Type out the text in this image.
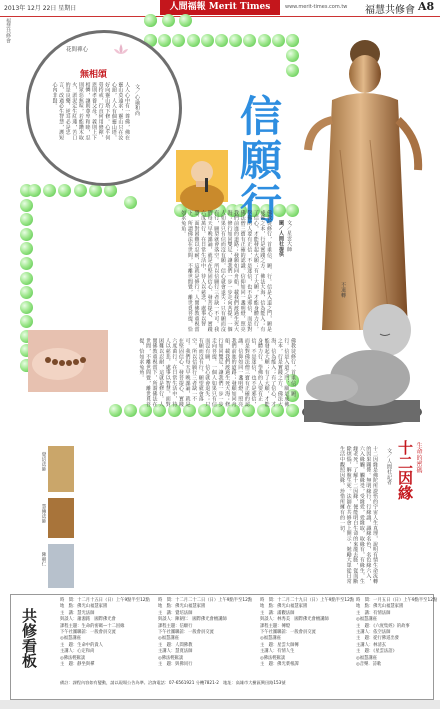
2013年 12月 22日 星期日	人間福報 Merit Times	www.merit-times.com.tw 福慧共修會 A8
福慧共修會
花間禪心
無相頌
文／心瑜和尚
人人心中有一尊佛，佛在靈山莫遠求，靈山只在汝心頭，人人有個靈山塔，好向靈山塔下修。心平何勞持戒，行直何用修禪，恩則孝養父母，義則上下相憐，讓則尊卑和睦，忍則眾惡無喧，若能鑽木取火，淤泥定生紅蓮，苦口的是良藥，逆耳必是忠言，改過必生智慧，護短心內非賢。	信願行
不退轉
文／星雲大師
圖／人間社提供
佛教徒修行，首重信、願、行。信是入道之門，願是成佛之本，行是實踐之方。佛法大海，信為能入；有了信心，才能發起大願；有了大願，才能身體力行。學佛的人要有正信，不是迷信，也不是邪信，而是對佛法僧三寶有正確的認識。信仰如同一盞明燈，照亮我們前進的道路；發願如同舟船，載我們渡過生死大海；修行如同雙足，讓我們一步一步走向菩提。一個人如果只有信而沒有願，信心就會退失；只有願而沒有行，願望就會落空。所以信願行三者缺一不可。我們每天早晚課誦，就是在堅固信心、發菩提心、實踐六度萬行。在日常生活中，待人以慈悲，處事以智慧，面對困難以忍耐，這就是修行。人間佛教重視當下，所謂佛法在世間，不離世間覺，離世覓菩提，恰如求兔角。
佛教徒修行，首重信、願、行。信是入道之門，願是成佛之本，行是實踐之方。佛法大海，信為能入；有了信心，才能發起大願；有了大願，才能身體力行。學佛的人要有正信，不是迷信，也不是邪信，而是對佛法僧三寶有正確的認識。信仰如同一盞明燈，照亮我們前進的道路；發願如同舟船，載我們渡過生死大海；修行如同雙足，讓我們一步一步走向菩提。一個人如果只有信而沒有願，信心就會退失；只有願而沒有行，願望就會落空。所以信願行三者缺一不可。我們每天早晚課誦，就是在堅固信心、發菩提心、實踐六度萬行。在日常生活中，待人以慈悲，處事以智慧，面對困難以忍耐，這就是修行。人間佛教重視當下，所謂佛法在世間，不離世間覺，離世覓菩提，恰如求兔角。
生命的密碼
十二因緣
文／人間社記者
十二因緣是佛陀所證悟的宇宙人生真理，說明有情生命流轉的因果關係。無明緣行，行緣識，識緣名色，名色緣六入，六入緣觸，觸緣受，受緣愛，愛緣取，取緣有，有緣生，生緣老死。了解十二因緣，便能明白生命的來龍去脈，從而斷除煩惱，解脫生死。法師在共修會上開示，勉勵大眾從日常生活中觀照因緣，珍惜所擁有的一切。
覺培法師
慧傳法師
陳朝仁
共修看板
時　間：十二月十五日（日）上午9點半至12點
地　點：佛光山福慧家園
主　講：慧光法師
與談人：蕭鴻銘　國際佛光會
課程主題：生命的密碼—十二因緣
下午社團聯誼：一般會員交流
◎福慧講座
主　題：生命中的貴人
主講人：心定和尚
◎佛法輕鬆談
主　題：靜坐與禪
時　間：十二月二十二日（日）上午9點半至12點
地　點：佛光山福慧家園
主　講：覺培法師
與談人：陳朝仁　國際佛光會檀講師
課程主題：信願行
下午社團聯誼：一般會員交流
◎福慧講座
主　題：人間佛教
主講人：慧寬法師
◎佛法輕鬆談
主　題：與佛同行
時　間：十二月二十九日（日）上午9點半至12點
地　點：佛光山福慧家園
主　講：滿觀法師
與談人：林秀美　國際佛光會檀講師
課程主題：傳燈
下午社團聯誼：一般會員交流
◎福慧講座
主　題：星雲大師傳
主講人：有情人生
◎佛法輕鬆談
主　題：佛光菜根譚
時　間：一月五日（日）上午9點半至12點
地　點：佛光山福慧家園
主　講：有情法師
◎福慧講座
主　題：《六度集經》的故事
主講人：依空法師
主　題：從行佛道出發
主講人：林清玄
主　題：《星雲法語》
◎福慧講座
◎音樂．詩歌
備註：課程內容如有變動，請以現場公告為準。洽詢電話：07-6561921 分機7821-2　地址：高雄市大樹區興田路153號
